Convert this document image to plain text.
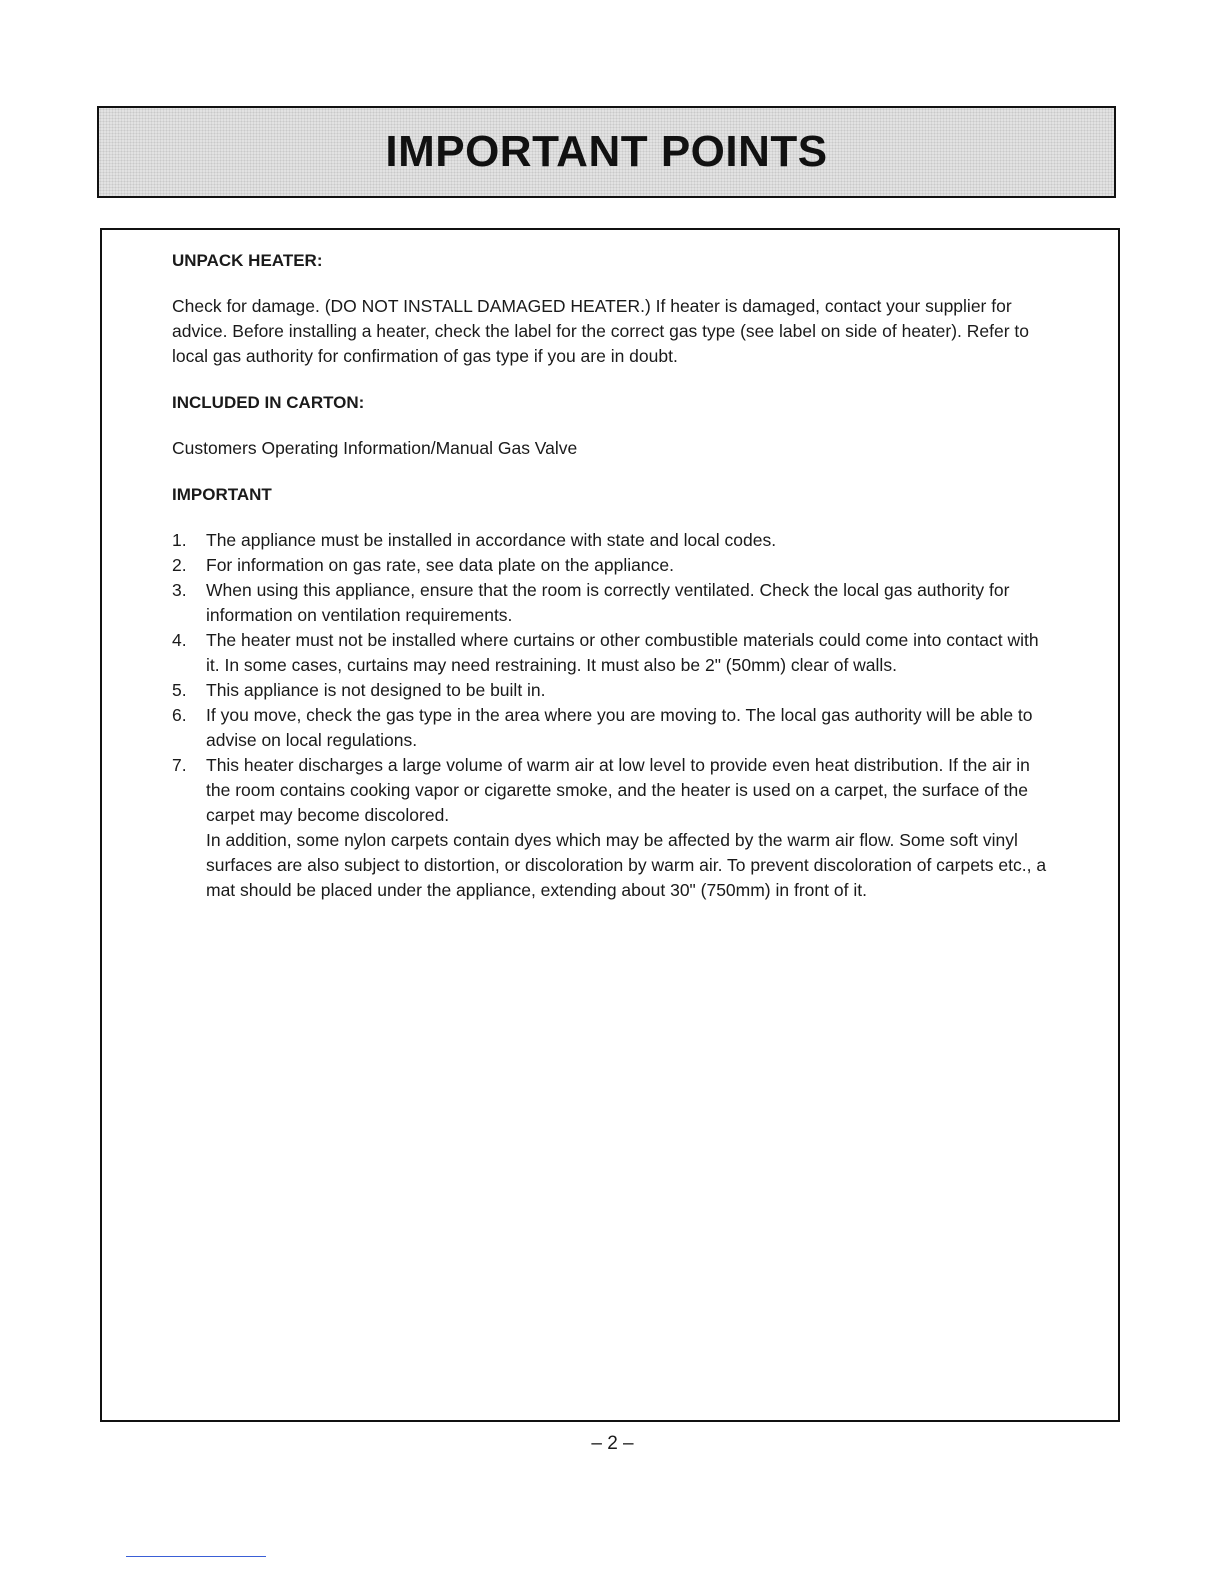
IMPORTANT POINTS
UNPACK HEATER:
Check for damage. (DO NOT INSTALL DAMAGED HEATER.) If heater is damaged, contact your supplier for advice. Before installing a heater, check the label for the correct gas type (see label on side of heater). Refer to local gas authority for confirmation of gas type if you are in doubt.
INCLUDED IN CARTON:
Customers Operating Information/Manual Gas Valve
IMPORTANT
1. The appliance must be installed in accordance with state and local codes.
2. For information on gas rate, see data plate on the appliance.
3. When using this appliance, ensure that the room is correctly ventilated. Check the local gas authority for information on ventilation requirements.
4. The heater must not be installed where curtains or other combustible materials could come into contact with it. In some cases, curtains may need restraining. It must also be 2" (50mm) clear of walls.
5. This appliance is not designed to be built in.
6. If you move, check the gas type in the area where you are moving to. The local gas authority will be able to advise on local regulations.
7. This heater discharges a large volume of warm air at low level to provide even heat distribution. If the air in the room contains cooking vapor or cigarette smoke, and the heater is used on a carpet, the surface of the carpet may become discolored.
In addition, some nylon carpets contain dyes which may be affected by the warm air flow. Some soft vinyl surfaces are also subject to distortion, or discoloration by warm air. To prevent discoloration of carpets etc., a mat should be placed under the appliance, extending about 30" (750mm) in front of it.
– 2 –
